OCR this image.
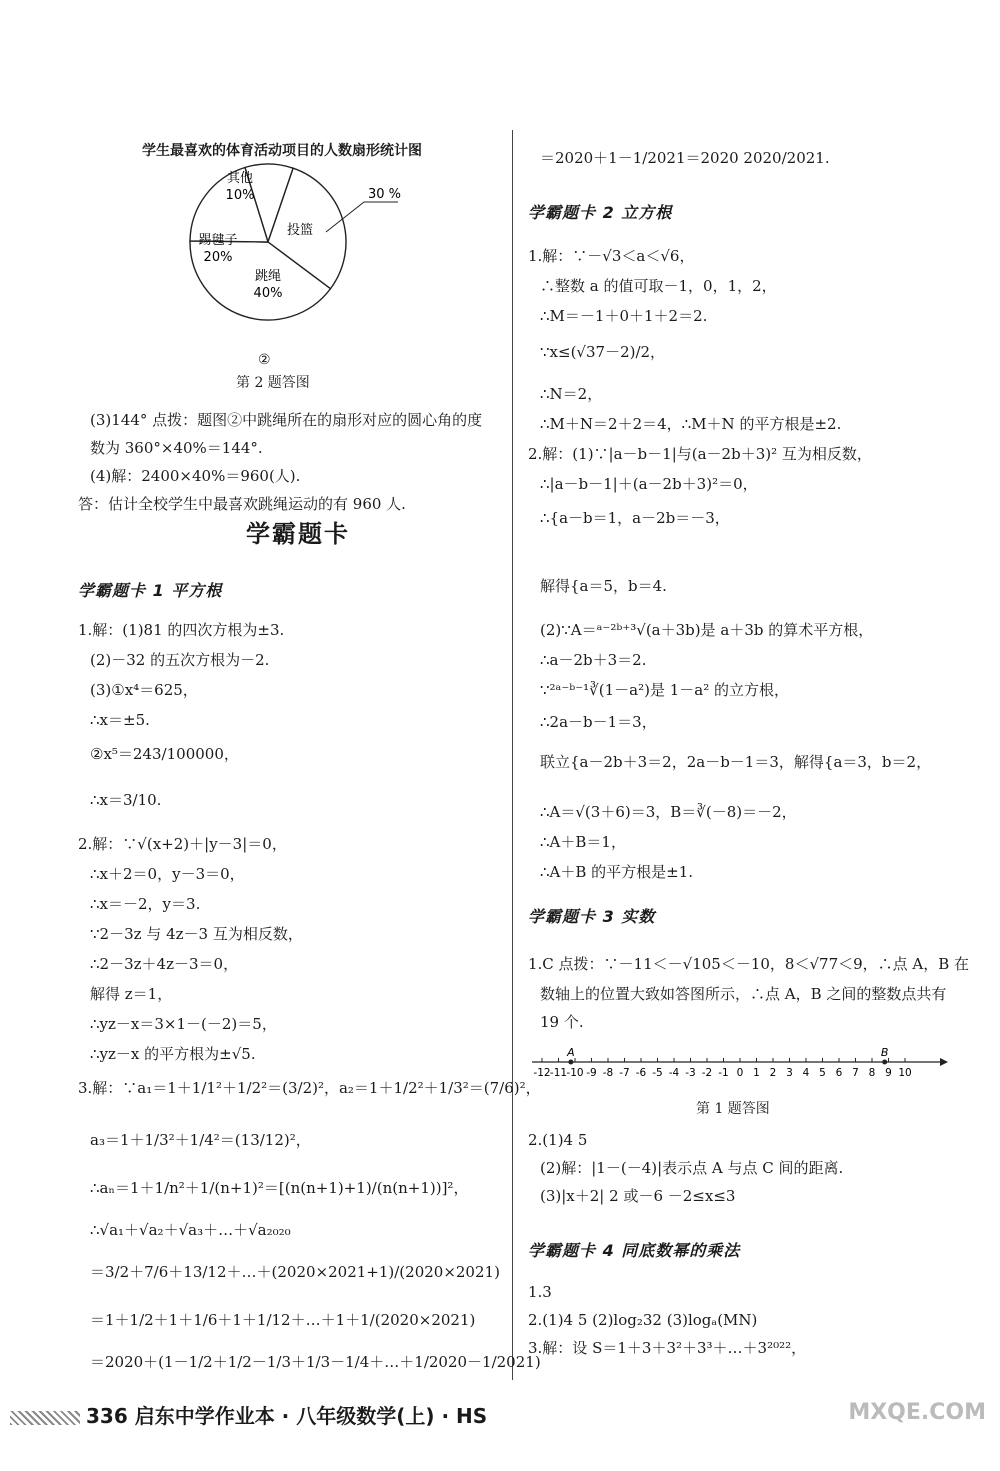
学生最喜欢的体育活动项目的人数扇形统计图
其他
10%
投篮
跳绳
40%
踢毽子
20%
30 %
②
第 2 题答图
(3)144° 点拨：题图②中跳绳所在的扇形对应的圆心角的度
数为 360°×40%＝144°.
(4)解：2400×40%＝960(人).
答：估计全校学生中最喜欢跳绳运动的有 960 人.
学霸题卡
学霸题卡 1 平方根
1.解：(1)81 的四次方根为±3.
(2)－32 的五次方根为－2.
(3)①x⁴＝625，
∴x＝±5.
②x⁵＝243/100000，
∴x＝3/10.
2.解：∵√(x+2)＋|y－3|＝0，
∴x＋2＝0，y－3＝0，
∴x＝－2，y＝3.
∵2－3z 与 4z－3 互为相反数，
∴2－3z＋4z－3＝0，
解得 z＝1，
∴yz－x＝3×1－(－2)＝5，
∴yz－x 的平方根为±√5.
3.解：∵a₁＝1＋1/1²＋1/2²＝(3/2)²，a₂＝1＋1/2²＋1/3²＝(7/6)²，
a₃＝1＋1/3²＋1/4²＝(13/12)²，
∴aₙ＝1＋1/n²＋1/(n+1)²＝[(n(n+1)+1)/(n(n+1))]²，
∴√a₁＋√a₂＋√a₃＋…＋√a₂₀₂₀
＝3/2＋7/6＋13/12＋…＋(2020×2021+1)/(2020×2021)
＝1＋1/2＋1＋1/6＋1＋1/12＋…＋1＋1/(2020×2021)
＝2020＋(1－1/2＋1/2－1/3＋1/3－1/4＋…＋1/2020－1/2021)
＝2020＋1－1/2021＝2020 2020/2021.
学霸题卡 2 立方根
1.解：∵－√3＜a＜√6，
∴整数 a 的值可取－1，0，1，2，
∴M＝－1＋0＋1＋2＝2.
∵x≤(√37－2)/2，
∴N＝2，
∴M＋N＝2＋2＝4，∴M＋N 的平方根是±2.
2.解：(1)∵|a－b－1|与(a－2b＋3)² 互为相反数，
∴|a－b－1|＋(a－2b＋3)²＝0，
∴{a－b＝1，a－2b＝－3，
解得{a＝5，b＝4.
(2)∵A＝ᵃ⁻²ᵇ⁺³√(a＋3b)是 a＋3b 的算术平方根，
∴a－2b＋3＝2.
∵²ᵃ⁻ᵇ⁻¹∛(1－a²)是 1－a² 的立方根，
∴2a－b－1＝3，
联立{a－2b＋3＝2，2a－b－1＝3，解得{a＝3，b＝2，
∴A＝√(3＋6)＝3，B＝∛(－8)＝－2，
∴A＋B＝1，
∴A＋B 的平方根是±1.
学霸题卡 3 实数
1.C 点拨：∵－11＜－√105＜－10，8＜√77＜9，∴点 A，B 在
数轴上的位置大致如答图所示，∴点 A，B 之间的整数点共有
19 个.
-12 -11 -10 -9 -8 -7 -6 -5 -4 -3 -2 -1 0 1 2 3 4 5 6 7 8 9 10
A	B
第 1 题答图
2.(1)4 5
(2)解：|1－(－4)|表示点 A 与点 C 间的距离.
(3)|x＋2| 2 或－6 －2≤x≤3
学霸题卡 4 同底数幂的乘法
1.3
2.(1)4 5 (2)log₂32 (3)logₐ(MN)
3.解：设 S＝1＋3＋3²＋3³＋…＋3²⁰²²，
336 启东中学作业本 · 八年级数学(上) · HS	MXQE.COM
